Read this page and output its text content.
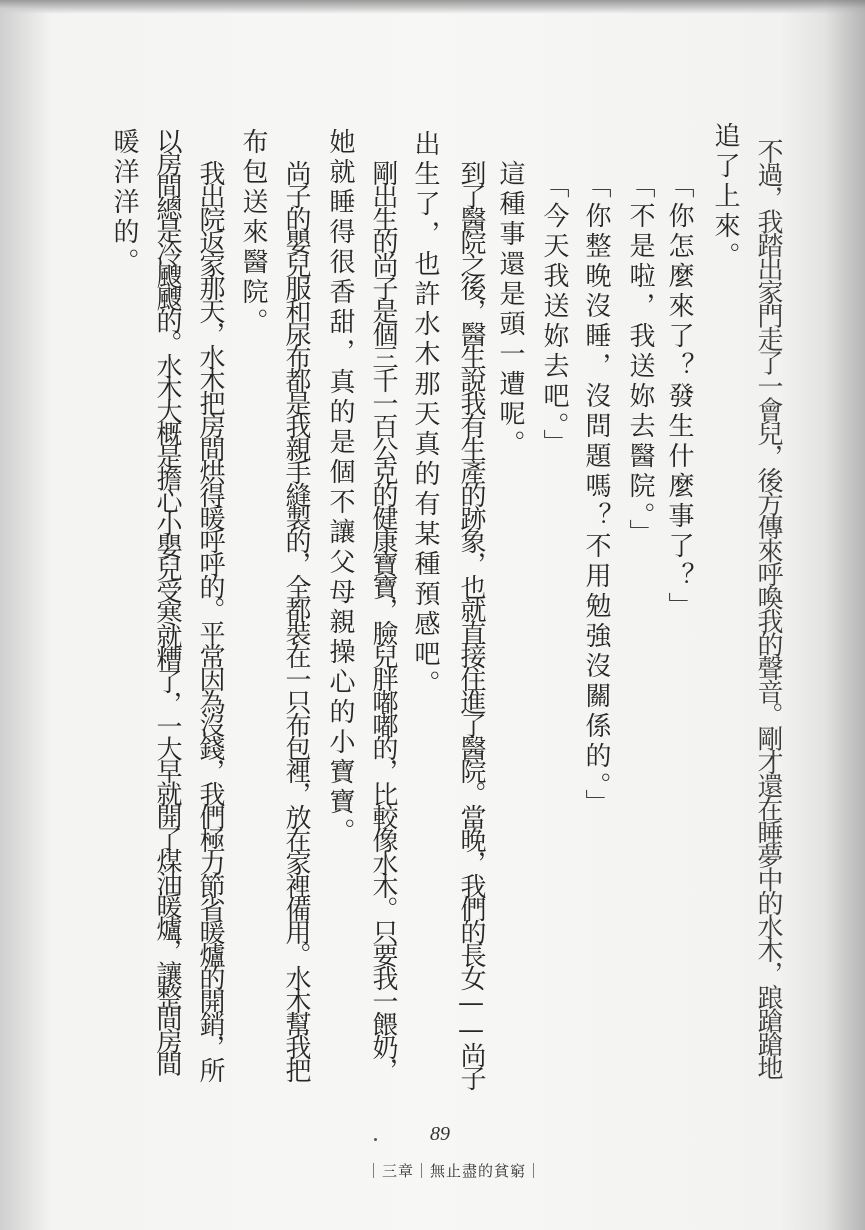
不過，我踏出家門走了一會兒，後方傳來呼喚我的聲音。剛才還在睡夢中的水木，踉蹌蹌地
追了上來。
「你怎麼來了？發生什麼事了？」
「不是啦，我送妳去醫院。」
「你整晚沒睡，沒問題嗎？不用勉強沒關係的。」
「今天我送妳去吧。」
這種事還是頭一遭呢。
到了醫院之後，醫生說我有生產的跡象，也就直接住進了醫院。當晚，我們的長女——尚子
出生了，也許水木那天真的有某種預感吧。
剛出生的尚子是個三千一百公克的健康寶寶，臉兒胖嘟嘟的，比較像水木。只要我一餵奶，
她就睡得很香甜，真的是個不讓父母親操心的小寶寶。
尚子的嬰兒服和尿布都是我親手縫製的，全都裝在一只布包裡，放在家裡備用。水木幫我把
布包送來醫院。
我出院返家那天，水木把房間烘得暖呼呼的。平常因為沒錢，我們極力節省暖爐的開銷，所
以房間總是冷颼颼的。水木大概是擔心小嬰兒受寒就糟了，一大早就開了煤油暖爐，讓整間房間
暖洋洋的。
89
｜三章｜無止盡的貧窮｜
